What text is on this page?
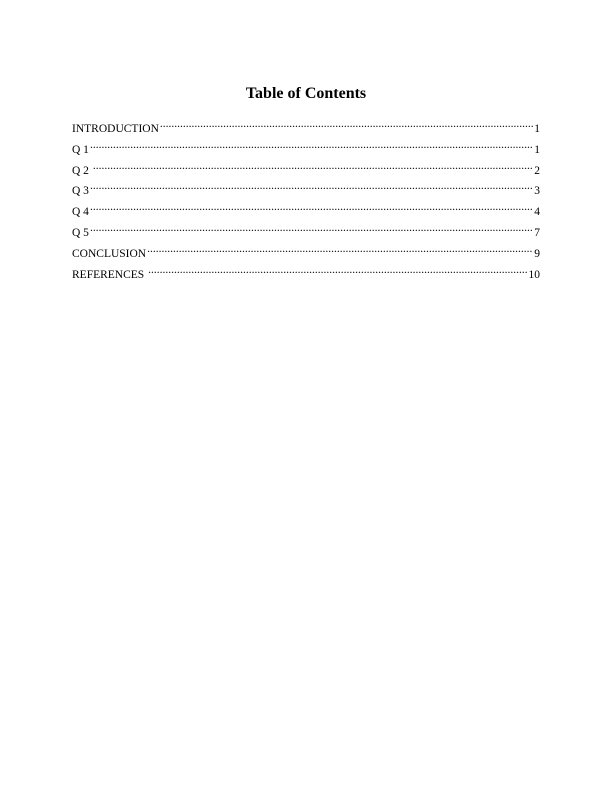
Table of Contents
INTRODUCTION .....	1
Q 1 .....	1
Q 2 .....	2
Q 3 .....	3
Q 4 .....	4
Q 5 .....	7
CONCLUSION .....	9
REFERENCES .....	10
